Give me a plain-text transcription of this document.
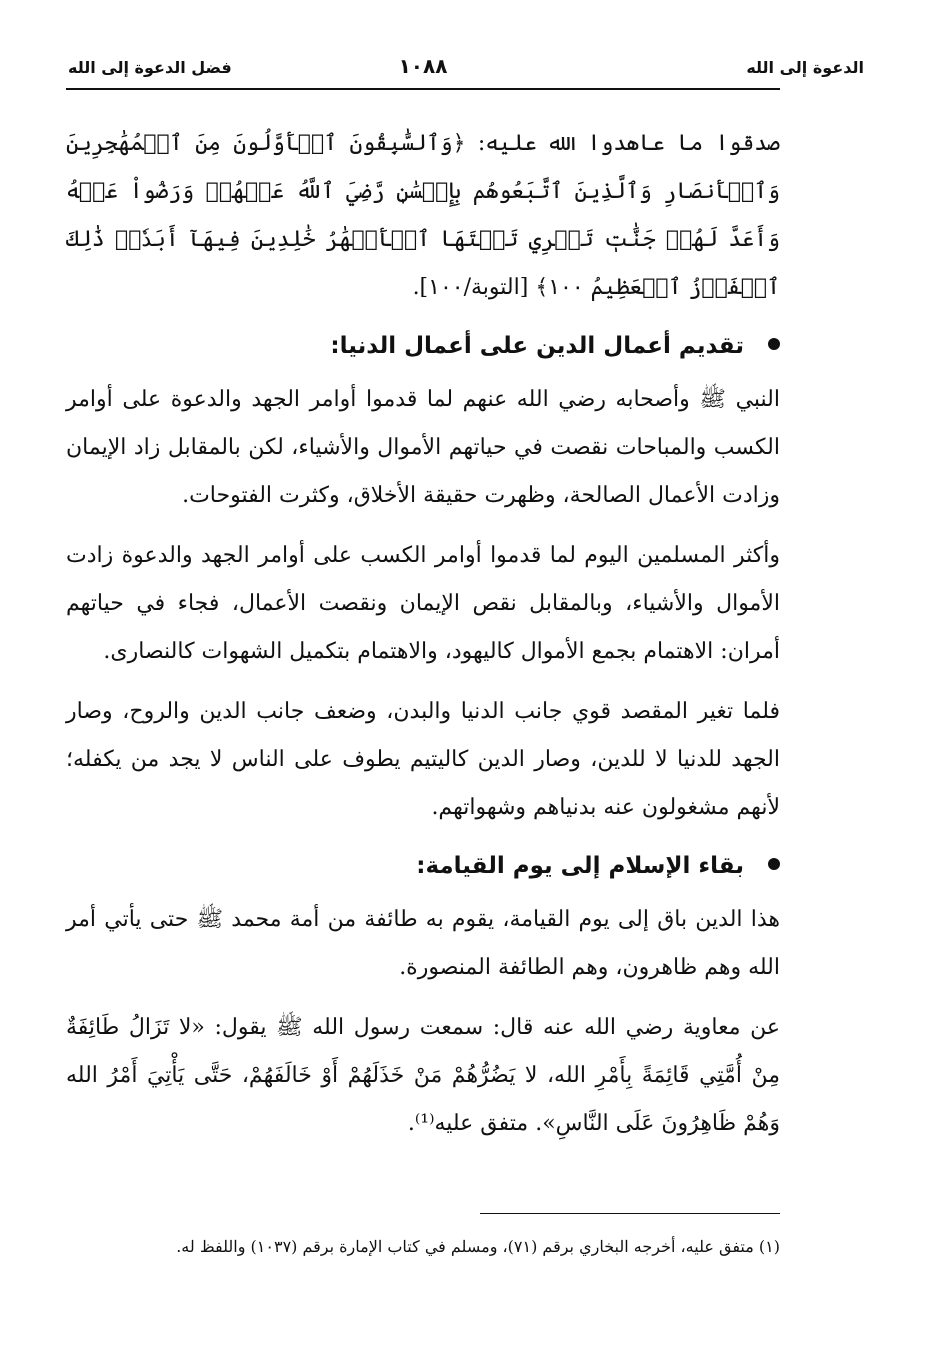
الدعوة إلى الله
١٠٨٨
فضل الدعوة إلى الله

صدقوا ما عاهدوا الله عليه: ﴿وَٱلسَّٰبِقُونَ ٱلۡأَوَّلُونَ مِنَ ٱلۡمُهَٰجِرِينَ وَٱلۡأَنصَارِ وَٱلَّذِينَ ٱتَّبَعُوهُم بِإِحۡسَٰنٖ رَّضِيَ ٱللَّهُ عَنۡهُمۡ وَرَضُواْ عَنۡهُ وَأَعَدَّ لَهُمۡ جَنَّٰتٖ تَجۡرِي تَحۡتَهَا ٱلۡأَنۡهَٰرُ خَٰلِدِينَ فِيهَآ أَبَدٗاۚ ذَٰلِكَ ٱلۡفَوۡزُ ٱلۡعَظِيمُ ١٠٠﴾ [التوبة/١٠٠].

تقديم أعمال الدين على أعمال الدنيا:

النبي ﷺ وأصحابه رضي الله عنهم لما قدموا أوامر الجهد والدعوة على أوامر الكسب والمباحات نقصت في حياتهم الأموال والأشياء، لكن بالمقابل زاد الإيمان وزادت الأعمال الصالحة، وظهرت حقيقة الأخلاق، وكثرت الفتوحات.

وأكثر المسلمين اليوم لما قدموا أوامر الكسب على أوامر الجهد والدعوة زادت الأموال والأشياء، وبالمقابل نقص الإيمان ونقصت الأعمال، فجاء في حياتهم أمران: الاهتمام بجمع الأموال كاليهود، والاهتمام بتكميل الشهوات كالنصارى.

فلما تغير المقصد قوي جانب الدنيا والبدن، وضعف جانب الدين والروح، وصار الجهد للدنيا لا للدين، وصار الدين كاليتيم يطوف على الناس لا يجد من يكفله؛ لأنهم مشغولون عنه بدنياهم وشهواتهم.

بقاء الإسلام إلى يوم القيامة:

هذا الدين باق إلى يوم القيامة، يقوم به طائفة من أمة محمد ﷺ حتى يأتي أمر الله وهم ظاهرون، وهم الطائفة المنصورة.

عن معاوية رضي الله عنه قال: سمعت رسول الله ﷺ يقول: «لا تَزَالُ طَائِفَةٌ مِنْ أُمَّتِي قَائِمَةً بِأَمْرِ الله، لا يَضُرُّهُمْ مَنْ خَذَلَهُمْ أَوْ خَالَفَهُمْ، حَتَّى يَأْتِيَ أَمْرُ الله وَهُمْ ظَاهِرُونَ عَلَى النَّاسِ». متفق عليه⁽¹⁾.

(١) متفق عليه، أخرجه البخاري برقم (٧١)، ومسلم في كتاب الإمارة برقم (١٠٣٧) واللفظ له.
